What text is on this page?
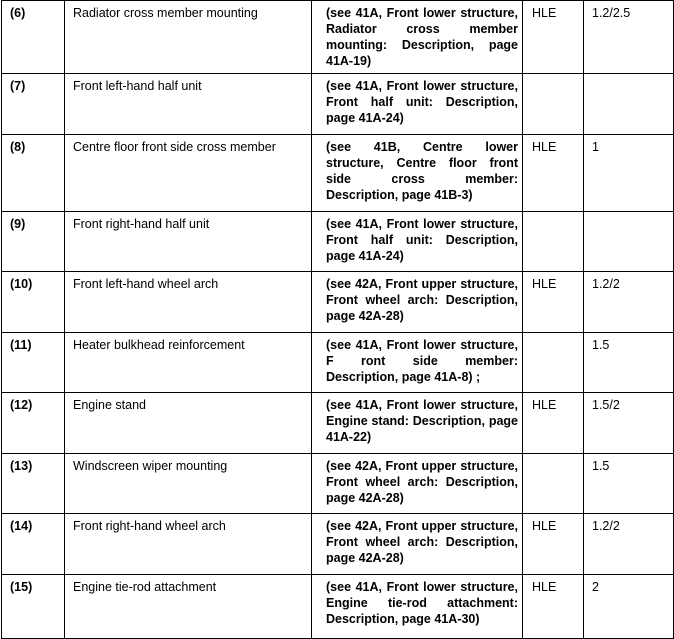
(6)	Radiator cross member mounting	(see 41A, Front lower structure, Radiator cross member mounting: Description, page 41A-19)	HLE	1.2/2.5
(7)	Front left-hand half unit	(see 41A, Front lower structure, Front half unit: Description, page 41A-24)		

(8)	Centre floor front side cross member	(see 41B, Centre lower structure, Centre floor front side cross member: Description, page 41B-3)	HLE	1
(9)	Front right-hand half unit	(see 41A, Front lower structure, Front half unit: Description, page 41A-24)		

(10)	Front left-hand wheel arch	(see 42A, Front upper structure, Front wheel arch: Description, page 42A-28)	HLE	1.2/2
(11)	Heater bulkhead reinforcement	(see 41A, Front lower structure, F ront side member: Description, page 41A-8) ;		1.5
(12)	Engine stand	(see 41A, Front lower structure, Engine stand: Description, page 41A-22)	HLE	1.5/2
(13)	Windscreen wiper mounting	(see 42A, Front upper structure, Front wheel arch: Description, page 42A-28)		1.5
(14)	Front right-hand wheel arch	(see 42A, Front upper structure, Front wheel arch: Description, page 42A-28)	HLE	1.2/2
(15)	Engine tie-rod attachment	(see 41A, Front lower structure, Engine tie-rod attachment: Description, page 41A-30)	HLE	2
